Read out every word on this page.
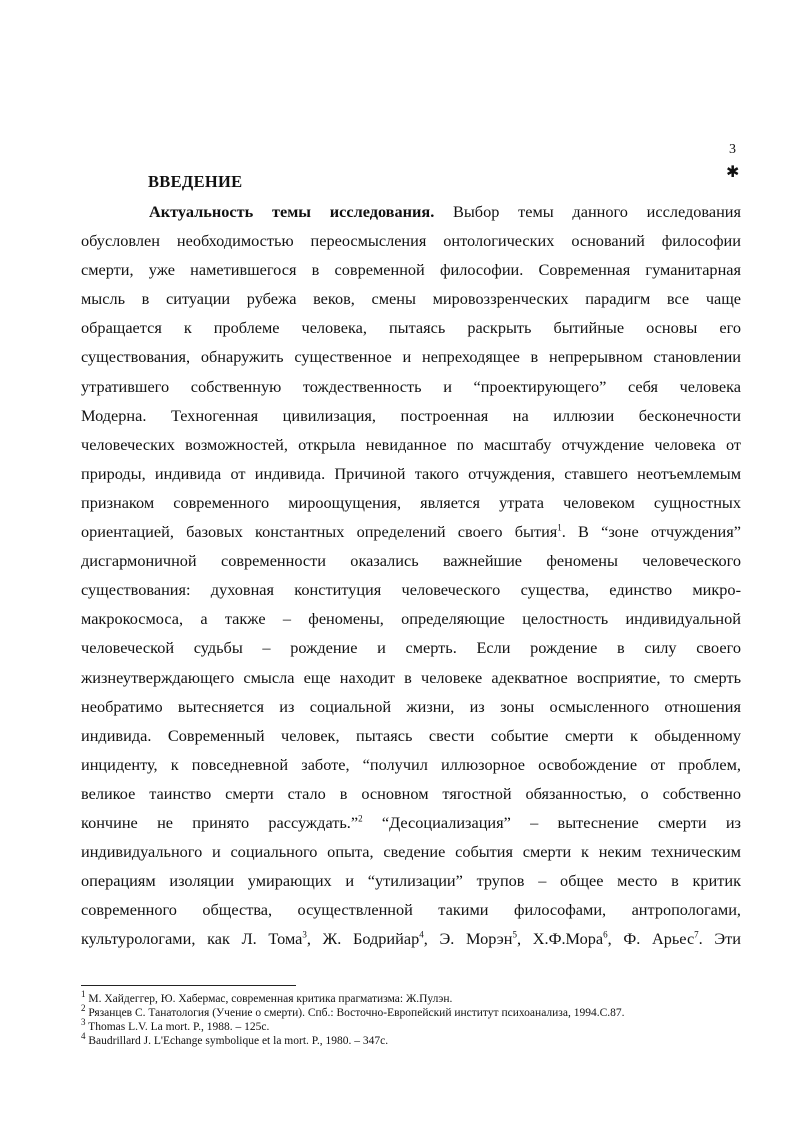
3
✱
ВВЕДЕНИЕ
Актуальность темы исследования. Выбор темы данного исследования
обусловлен необходимостью переосмысления онтологических оснований философии
смерти, уже наметившегося в современной философии. Современная гуманитарная
мысль в ситуации рубежа веков, смены мировоззренческих парадигм все чаще
обращается к проблеме человека, пытаясь раскрыть бытийные основы его
существования, обнаружить существенное и непреходящее в непрерывном становлении
утратившего собственную тождественность и “проектирующего” себя человека
Модерна. Техногенная цивилизация, построенная на иллюзии бесконечности
человеческих возможностей, открыла невиданное по масштабу отчуждение человека от
природы, индивида от индивида. Причиной такого отчуждения, ставшего неотъемлемым
признаком современного мироощущения, является утрата человеком сущностных
ориентацией, базовых константных определений своего бытия$^1$. В “зоне отчуждения”
дисгармоничной современности оказались важнейшие феномены человеческого
существования: духовная конституция человеческого существа, единство микро-
макрокосмоса, а также – феномены, определяющие целостность индивидуальной
человеческой судьбы – рождение и смерть. Если рождение в силу своего
жизнеутверждающего смысла еще находит в человеке адекватное восприятие, то смерть
необратимо вытесняется из социальной жизни, из зоны осмысленного отношения
индивида. Современный человек, пытаясь свести событие смерти к обыденному
инциденту, к повседневной заботе, “получил иллюзорное освобождение от проблем,
великое таинство смерти стало в основном тягостной обязанностью, о собственно
кончине не принято рассуждать.”$^2$ “Десоциализация” – вытеснение смерти из
индивидуального и социального опыта, сведение события смерти к неким техническим
операциям изоляции умирающих и “утилизации” трупов – общее место в критик
современного общества, осуществленной такими философами, антропологами,
культурологами, как Л. Тома$^3$, Ж. Бодрийар$^4$, Э. Морэн$^5$, Х.Ф.Мора$^6$, Ф. Арьес$^7$. Эти
$^1$ М. Хайдеггер, Ю. Хабермас, современная критика прагматизма: Ж.Пулэн.
$^2$ Рязанцев С. Танатология (Учение о смерти). Спб.: Восточно-Европейский институт психоанализа, 1994.С.87.
$^3$ Thomas L.V. La mort. P., 1988. – 125с.
$^4$ Baudrillard J. L'Echange symbolique et la mort. P., 1980. – 347с.
